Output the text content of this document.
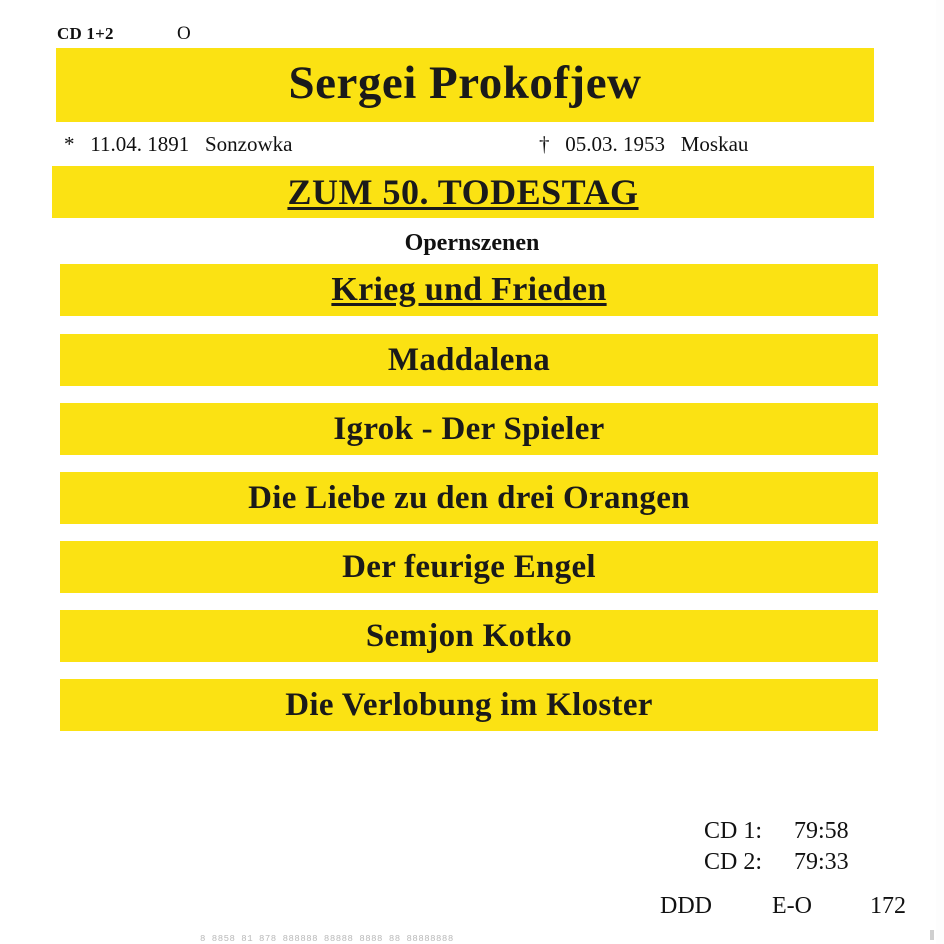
CD 1+2	O
Sergei Prokofjew
*   11.04. 1891   Sonzowka	†   05.03. 1953   Moskau
ZUM 50. TODESTAG
Opernszenen
Krieg und Frieden
Maddalena
Igrok - Der Spieler
Die Liebe zu den drei Orangen
Der feurige Engel
Semjon Kotko
Die Verlobung im Kloster
CD 1:	79:58
CD 2:	79:33
DDD	E-O 172
8 8858 81 878 888888 88888 8888 88 88888888
